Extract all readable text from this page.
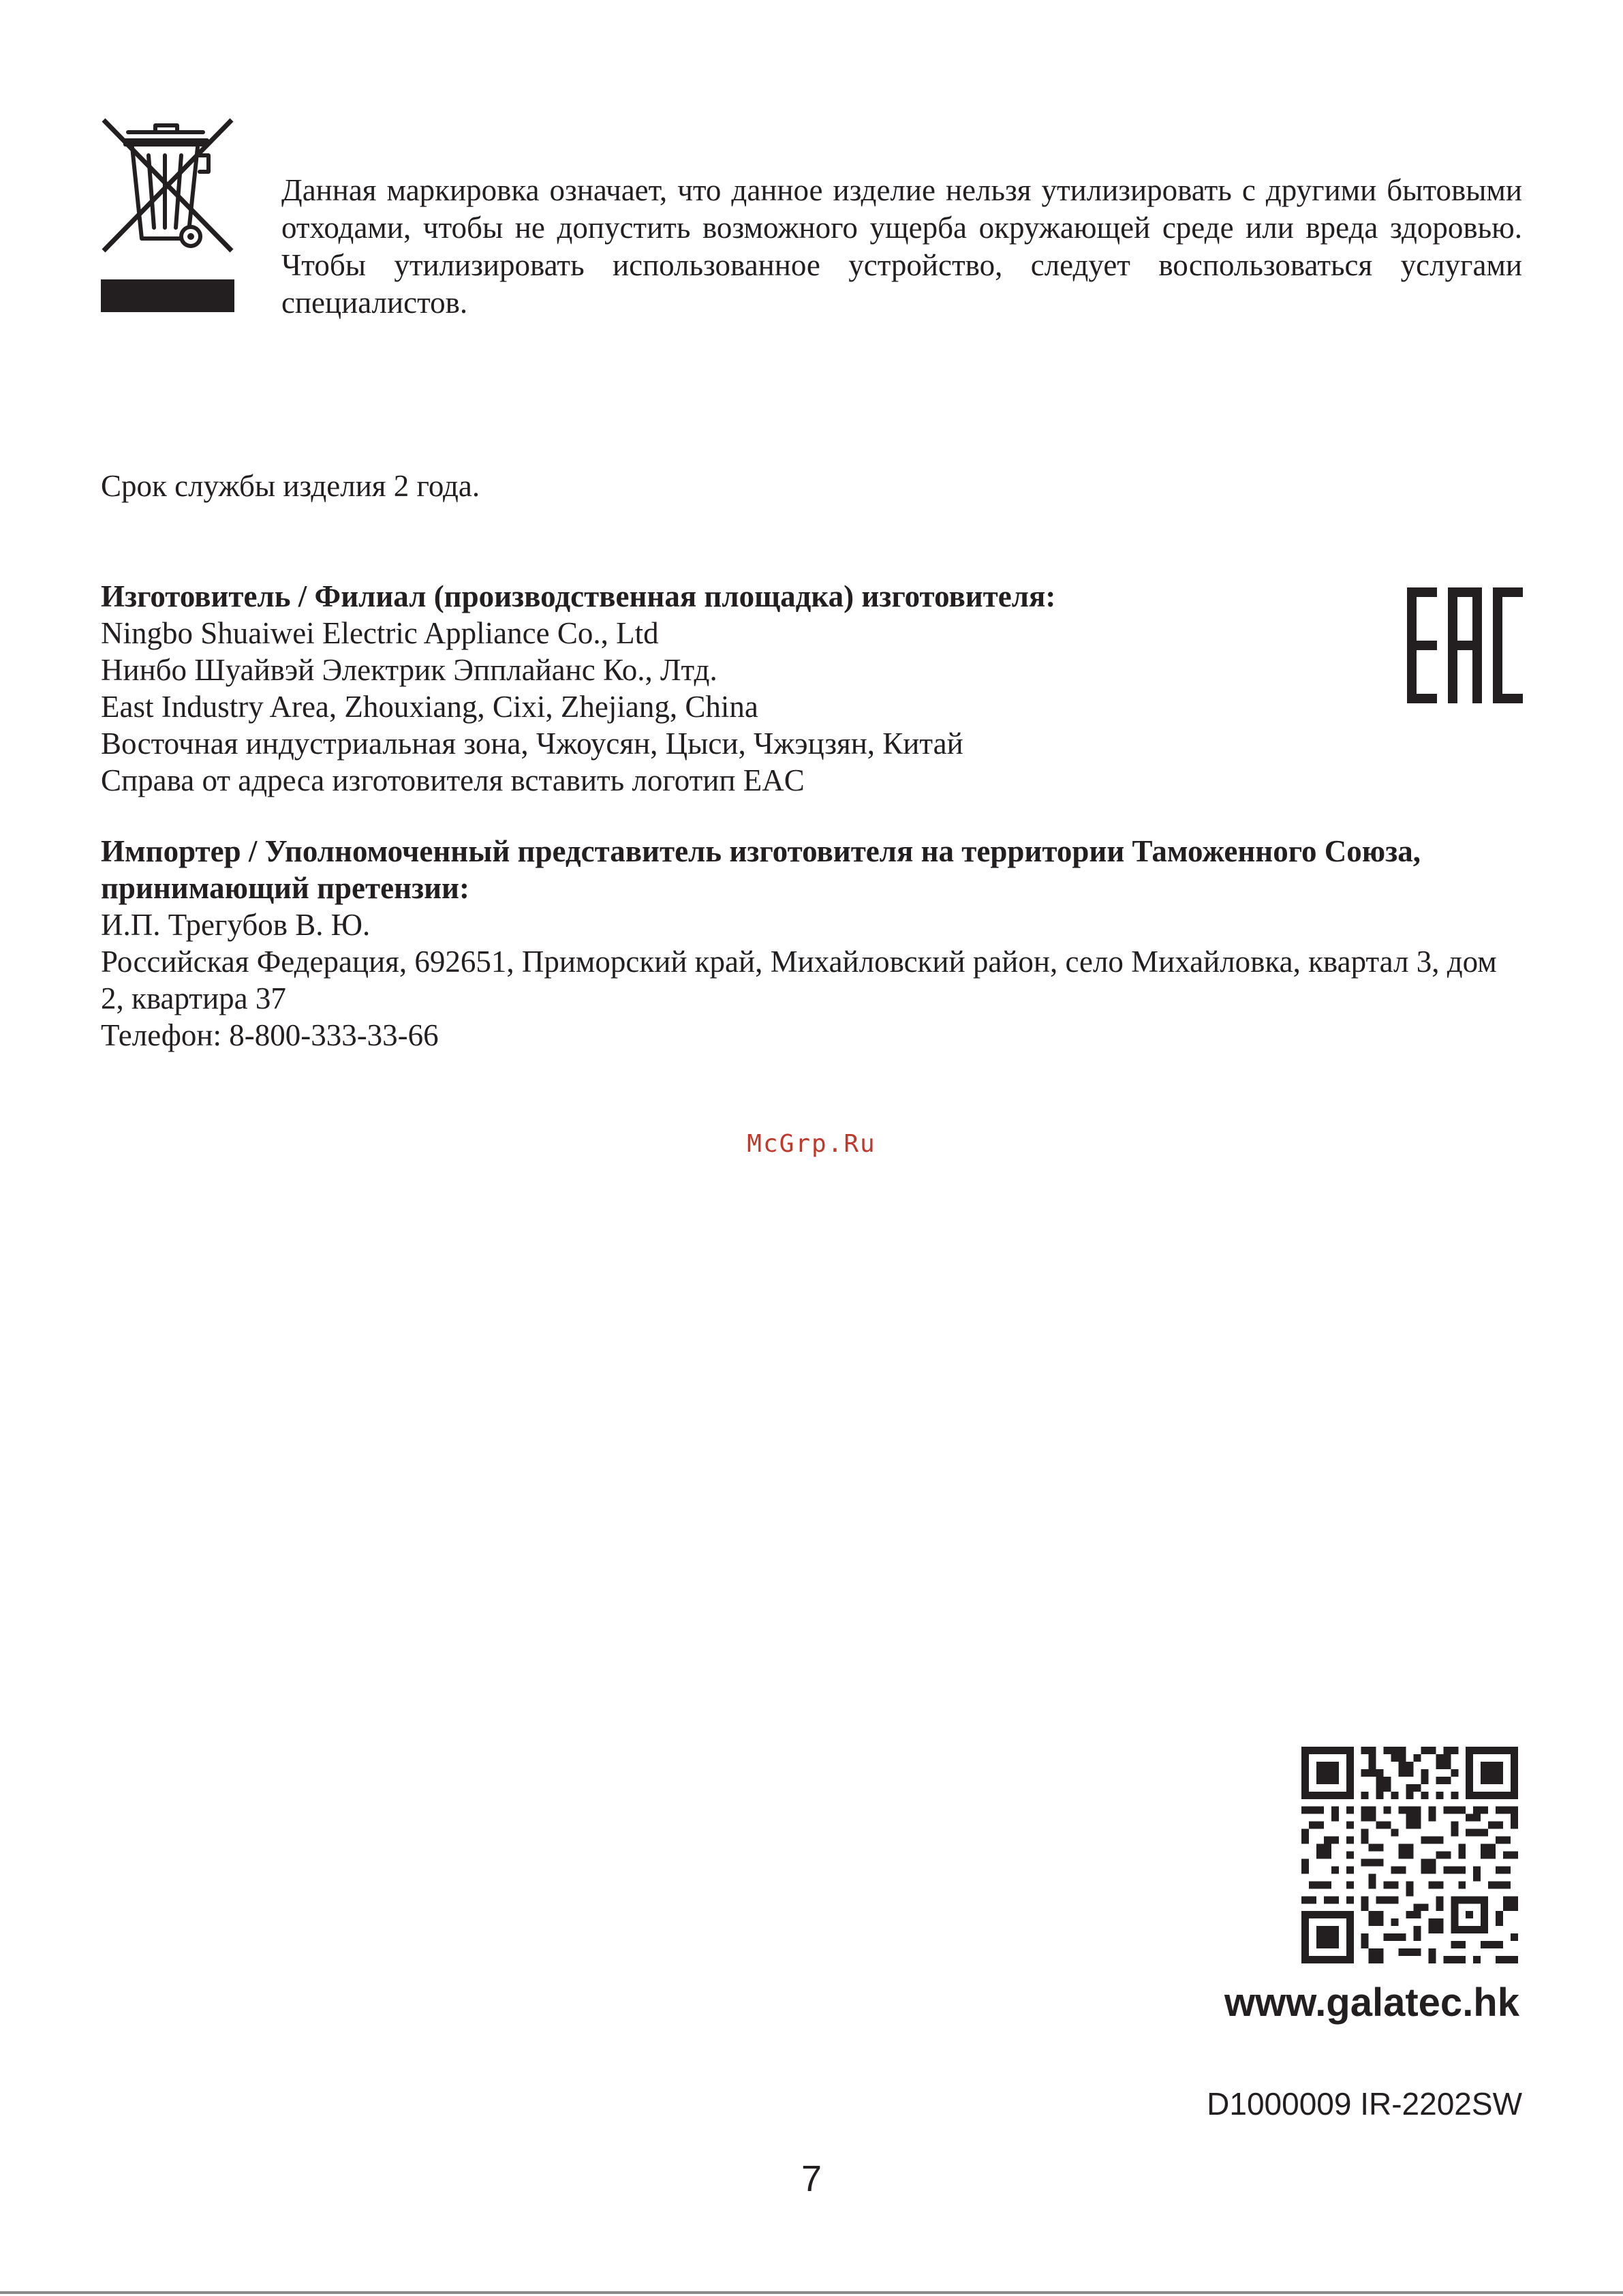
Данная маркировка означает, что данное изделие нельзя утилизировать с другими бытовыми отходами, чтобы не допустить возможного ущерба окружающей среде или вреда здоровью. Чтобы утилизировать использованное устройство, следует воспользоваться услугами специалистов.

Срок службы изделия 2 года.

Изготовитель / Филиал (производственная площадка) изготовителя:
Ningbo Shuaiwei Electric Appliance Co., Ltd
Нинбо Шуайвэй Электрик Эпплайанс Ко., Лтд.
East Industry Area, Zhouxiang, Cixi, Zhejiang, China
Восточная индустриальная зона, Чжоусян, Цыси, Чжэцзян, Китай
Справа от адреса изготовителя вставить логотип EAC
Импортер / Уполномоченный представитель изготовителя на территории Таможенного Союза, принимающий претензии:
И.П. Трегубов В. Ю.
Российская Федерация, 692651, Приморский край, Михайловский район, село Михайловка, квартал 3, дом 2, квартира 37
Телефон: 8-800-333-33-66
McGrp.Ru
www.galatec.hk
D1000009 IR-2202SW
7
